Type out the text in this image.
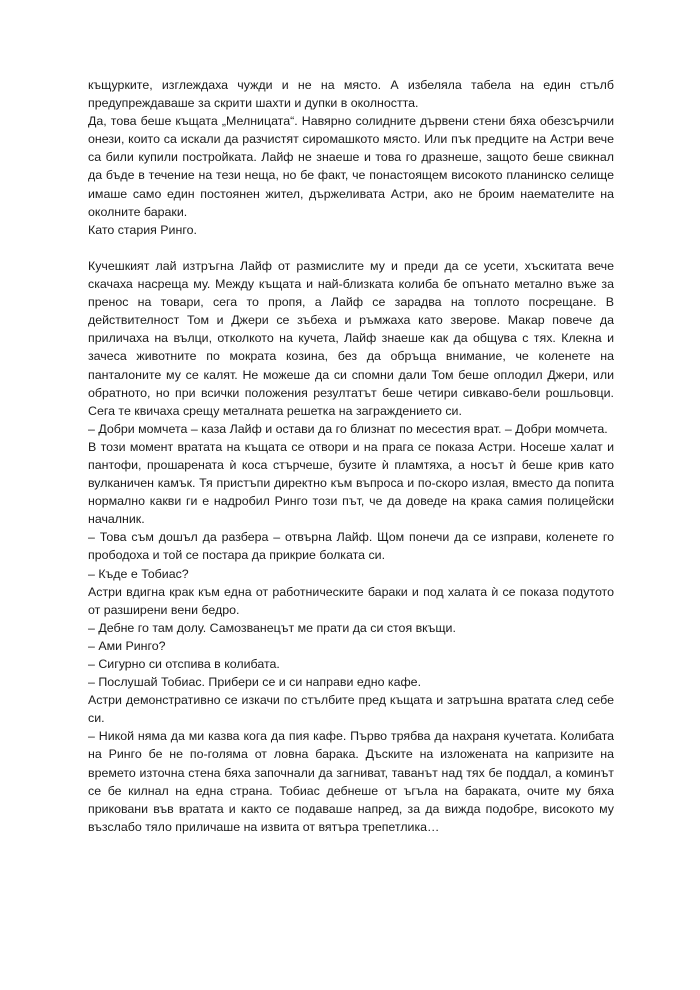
къщурките, изглеждаха чужди и не на място. А избеляла табела на един стълб предупреждаваше за скрити шахти и дупки в околността.

Да, това беше къщата „Мелницата“. Навярно солидните дървени стени бяха обезсърчили онези, които са искали да разчистят сиромашкото място. Или пък предците на Астри вече са били купили постройката. Лайф не знаеше и това го дразнеше, защото беше свикнал да бъде в течение на тези неща, но бе факт, че понастоящем високото планинско селище имаше само един постоянен жител, държеливата Астри, ако не броим наемателите на околните бараки.

Като стария Ринго.

Кучешкият лай изтръгна Лайф от размислите му и преди да се усети, хъскитата вече скачаха насреща му. Между къщата и най-близката колиба бе опънато метално въже за пренос на товари, сега то пропя, а Лайф се зарадва на топлото посрещане. В действителност Том и Джери се зъбеха и ръмжаха като зверове. Макар повече да приличаха на вълци, отколкото на кучета, Лайф знаеше как да общува с тях. Клекна и зачеса животните по мократа козина, без да обръща внимание, че коленете на панталоните му се калят. Не можеше да си спомни дали Том беше оплодил Джери, или обратното, но при всички положения резултатът беше четири сивкаво-бели рошльовци. Сега те квичаха срещу металната решетка на заграждението си.

– Добри момчета – каза Лайф и остави да го близнат по месестия врат. – Добри момчета.

В този момент вратата на къщата се отвори и на прага се показа Астри. Носеше халат и пантофи, прошарената ѝ коса стърчеше, бузите ѝ пламтяха, а носът ѝ беше крив като вулканичен камък. Тя пристъпи директно към въпроса и по-скоро излая, вместо да попита нормално какви ги е надробил Ринго този път, че да доведе на крака самия полицейски началник.

– Това съм дошъл да разбера – отвърна Лайф. Щом понечи да се изправи, коленете го прободоха и той се постара да прикрие болката си.

– Къде е Тобиас?

Астри вдигна крак към една от работническите бараки и под халата ѝ се показа подутото от разширени вени бедро.

– Дебне го там долу. Самозванецът ме прати да си стоя вкъщи.

– Ами Ринго?

– Сигурно си отспива в колибата.

– Послушай Тобиас. Прибери се и си направи едно кафе.

Астри демонстративно се изкачи по стълбите пред къщата и затръшна вратата след себе си.

– Никой няма да ми казва кога да пия кафе. Първо трябва да нахраня кучетата. Колибата на Ринго бе не по-голяма от ловна барака. Дъските на изложената на капризите на времето източна стена бяха започнали да загниват, таванът над тях бе поддал, а коминът се бе килнал на една страна. Тобиас дебнеше от ъгъла на бараката, очите му бяха приковани във вратата и както се подаваше напред, за да вижда подобре, високото му възслабо тяло приличаше на извита от вятъра трепетлика…
